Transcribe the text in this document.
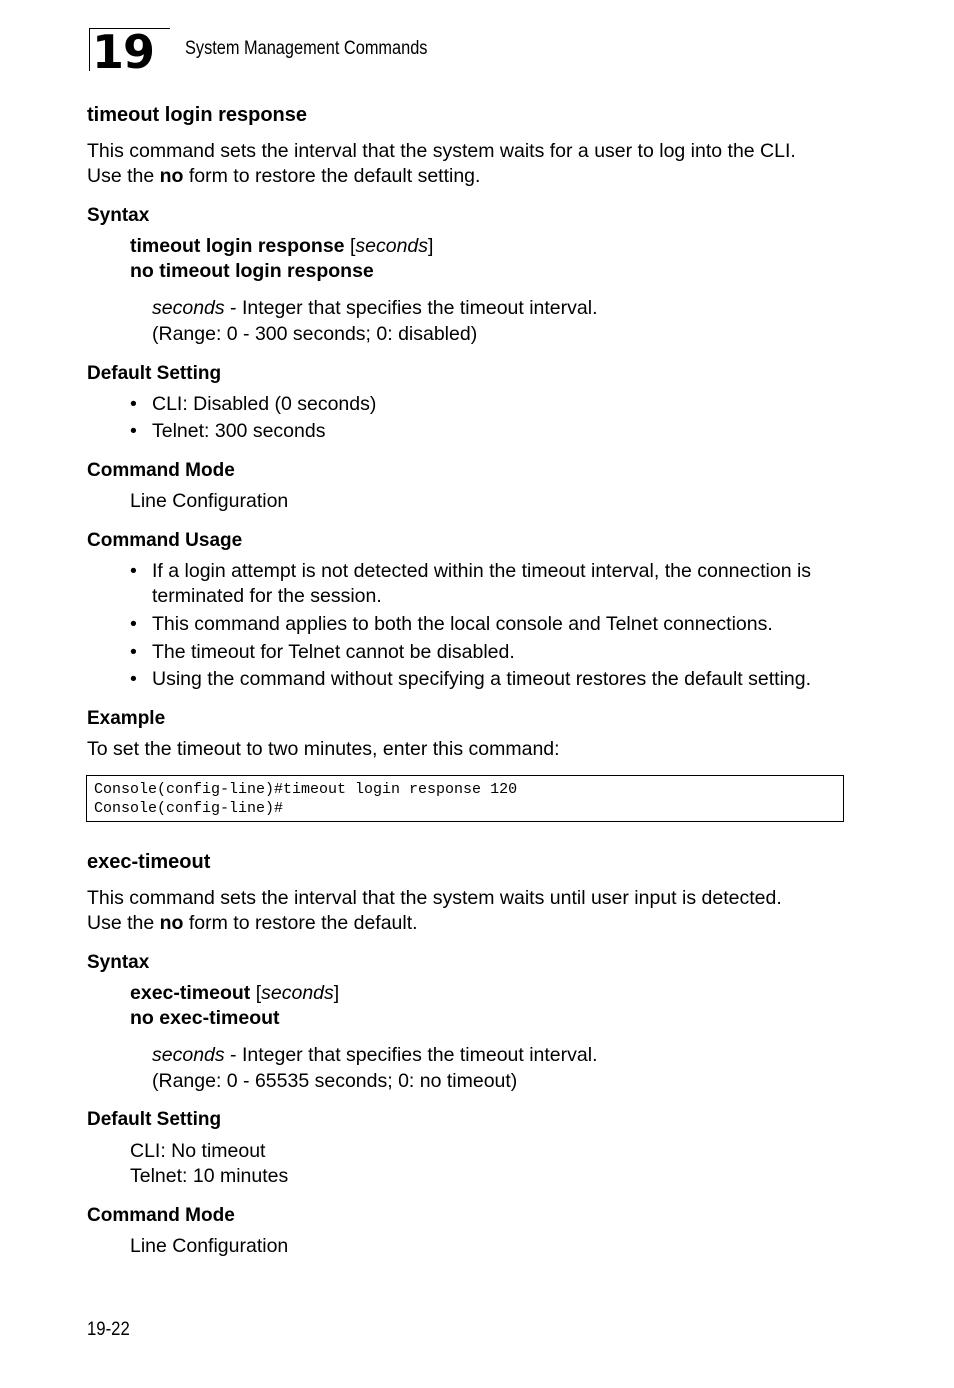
19	System Management Commands
timeout login response
This command sets the interval that the system waits for a user to log into the CLI.
Use the no form to restore the default setting.
Syntax
timeout login response [seconds]
no timeout login response
seconds - Integer that specifies the timeout interval.
(Range: 0 - 300 seconds; 0: disabled)
Default Setting
• CLI: Disabled (0 seconds)
• Telnet: 300 seconds
Command Mode
Line Configuration
Command Usage
• If a login attempt is not detected within the timeout interval, the connection is terminated for the session.
• This command applies to both the local console and Telnet connections.
• The timeout for Telnet cannot be disabled.
• Using the command without specifying a timeout restores the default setting.
Example
To set the timeout to two minutes, enter this command:
Console(config-line)#timeout login response 120
Console(config-line)#
exec-timeout
This command sets the interval that the system waits until user input is detected.
Use the no form to restore the default.
Syntax
exec-timeout [seconds]
no exec-timeout
seconds - Integer that specifies the timeout interval.
(Range: 0 - 65535 seconds; 0: no timeout)
Default Setting
CLI: No timeout
Telnet: 10 minutes
Command Mode
Line Configuration
19-22
